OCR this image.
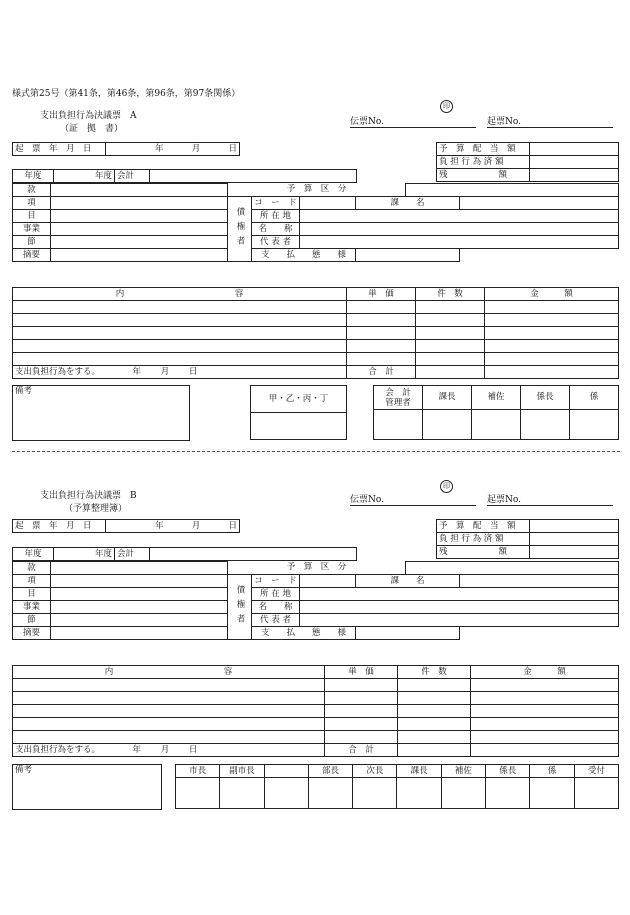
様式第25号（第41条，第46条，第96条，第97条関係）
支出負担行為決議票　A
（証　拠　書）
印
伝票No.	起票No.
起　票　年　月　日	年　　　	月　　　	日　	予　算　配　当　額	
負 担 行 為 済 額	
残　　　　　　額	
年度	年度	会計	
款		予　算　区　分					
項		債権者	コ　ー　ド		課　　名		
目			所 在 地				
事業			名　　称				
節			代 表 者				
摘要			支　　払　　態　　様				
内　　　　　　　　　　　　　容	単　価	件　数	金　　　額

支出負担行為をする。　　　　 年　　 月　　 日	合　計		
備考
甲・乙・丙・丁

会　計
管理者	課長	補佐	係長	係

支出負担行為決議票　B
（予算整理簿）
印
伝票No.	起票No.
起　票　年　月　日	年　　　	月　　　	日　	予　算　配　当　額	
負 担 行 為 済 額	
残　　　　　　額	
年度	年度	会計	
款		予　算　区　分					
項		債権者	コ　ー　ド		課　　名		
目			所 在 地				
事業			名　　称				
節			代 表 者				
摘要			支　　払　　態　　様				
内　　　　　　　　　　　　　容	単　価	件　数	金　　　額

支出負担行為をする。　　　　 年　　 月　　 日	合　計		
備考	市長	副市長		部長	次長	課長	補佐	係長	係	受付
